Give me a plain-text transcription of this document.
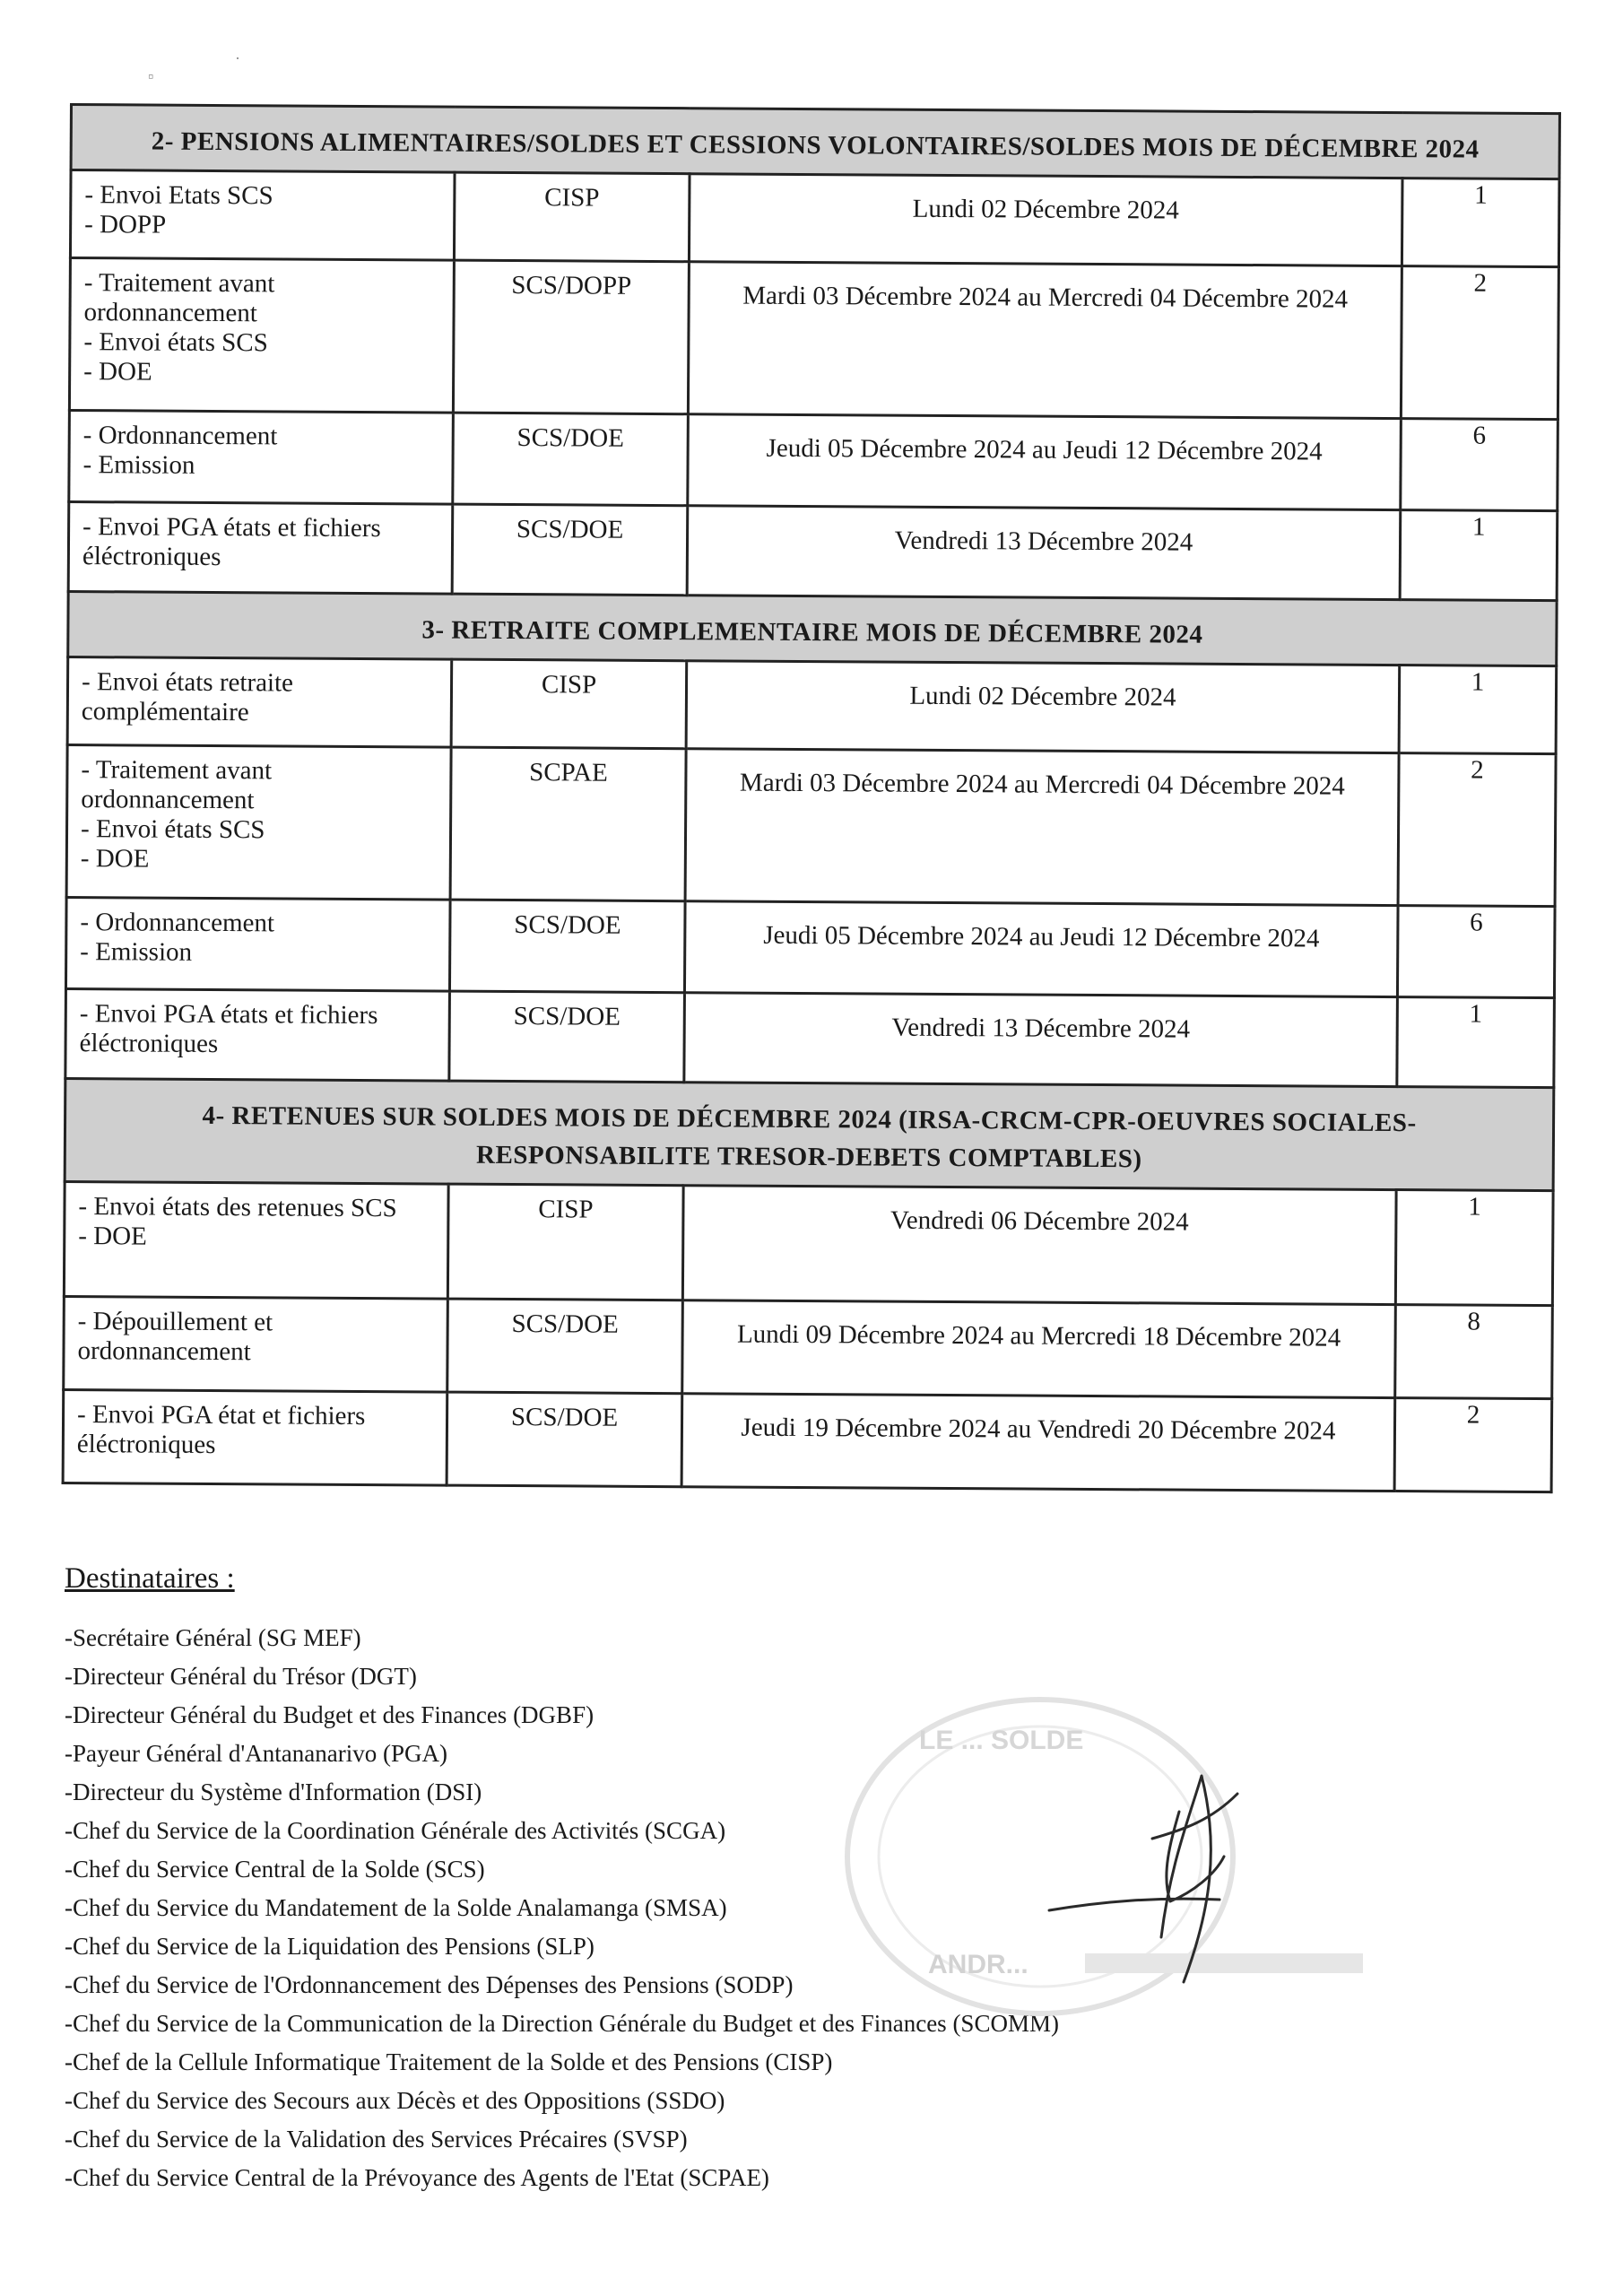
▫
·
2- PENSIONS ALIMENTAIRES/SOLDES ET CESSIONS VOLONTAIRES/SOLDES MOIS DE DÉCEMBRE 2024			

- Envoi Etats SCS
- DOPP	CISP	Lundi 02 Décembre 2024	1

- Traitement avant ordonnancement
- Envoi états SCS
- DOE	SCS/DOPP	Mardi 03 Décembre 2024 au Mercredi 04 Décembre 2024	2

- Ordonnancement
- Emission	SCS/DOE	Jeudi 05 Décembre 2024 au Jeudi 12 Décembre 2024	6

- Envoi PGA états et fichiers éléctroniques	SCS/DOE	Vendredi 13 Décembre 2024	1
3- RETRAITE COMPLEMENTAIRE MOIS DE DÉCEMBRE 2024			

- Envoi états retraite complémentaire	CISP	Lundi 02 Décembre 2024	1

- Traitement avant ordonnancement
- Envoi états SCS
- DOE	SCPAE	Mardi 03 Décembre 2024 au Mercredi 04 Décembre 2024	2

- Ordonnancement
- Emission	SCS/DOE	Jeudi 05 Décembre 2024 au Jeudi 12 Décembre 2024	6

- Envoi PGA états et fichiers éléctroniques	SCS/DOE	Vendredi 13 Décembre 2024	1
4- RETENUES SUR SOLDES MOIS DE DÉCEMBRE 2024 (IRSA-CRCM-CPR-OEUVRES SOCIALES-RESPONSABILITE TRESOR-DEBETS COMPTABLES)			

- Envoi états des retenues SCS
- DOE	CISP	Vendredi 06 Décembre 2024	1

- Dépouillement et ordonnancement	SCS/DOE	Lundi 09 Décembre 2024 au Mercredi 18 Décembre 2024	8

- Envoi PGA état et fichiers éléctroniques	SCS/DOE	Jeudi 19 Décembre 2024 au Vendredi 20 Décembre 2024	2
Destinataires :
-Secrétaire Général (SG MEF)
-Directeur Général du Trésor (DGT)
-Directeur Général du Budget et des Finances (DGBF)
-Payeur Général d'Antananarivo (PGA)
-Directeur du Système d'Information (DSI)
-Chef du Service de la Coordination Générale des Activités (SCGA)
-Chef du Service Central de la Solde (SCS)
-Chef du Service du Mandatement de la Solde Analamanga (SMSA)
-Chef du Service de la Liquidation des Pensions (SLP)
-Chef du Service de l'Ordonnancement des Dépenses des Pensions (SODP)
-Chef du Service de la Communication de la Direction Générale du Budget et des Finances (SCOMM)
-Chef de la Cellule Informatique Traitement de la Solde et des Pensions (CISP)
-Chef du Service des Secours aux Décès et des Oppositions (SSDO)
-Chef du Service de la Validation des Services Précaires (SVSP)
-Chef du Service Central de la Prévoyance des Agents de l'Etat (SCPAE)
LE ... SOLDE
ANDR...
